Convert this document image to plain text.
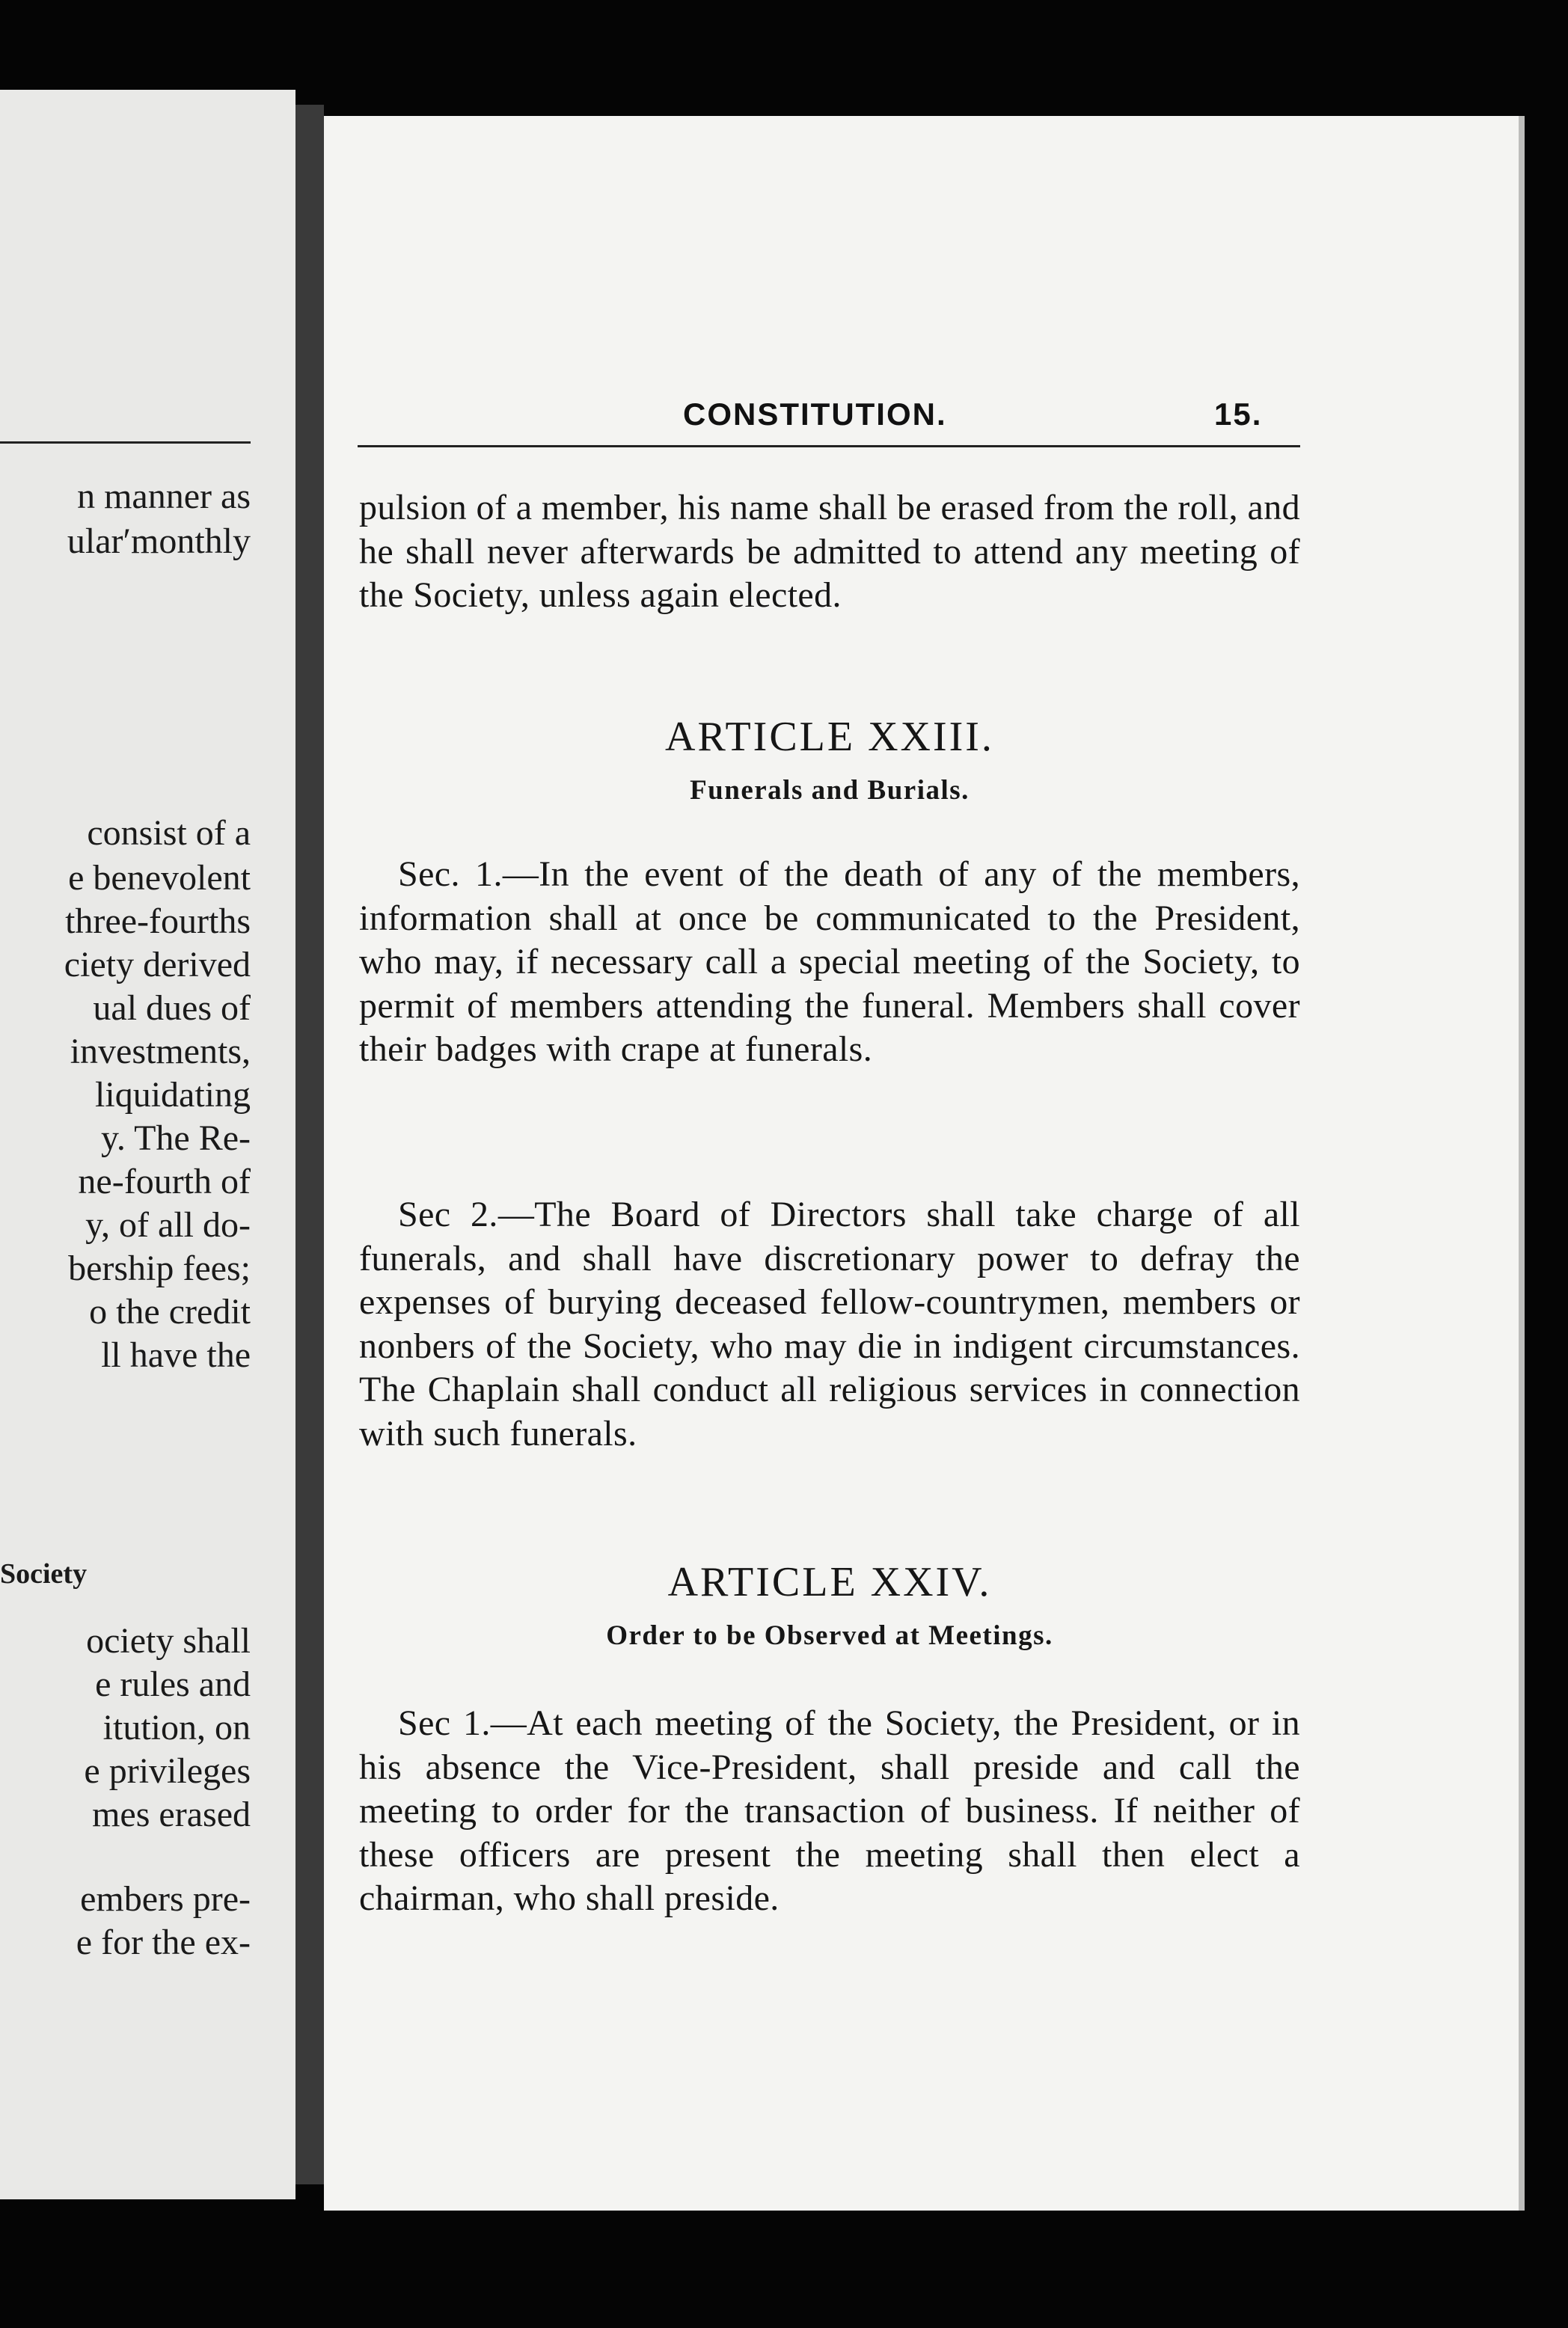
n manner as
ular′monthly
consist of a
e benevolent
three-fourths
ciety derived
ual dues of
investments,
liquidating
y. The Re-
ne-fourth of
y, of all do-
bership fees;
o the credit
ll have the
Society
ociety shall
e rules and
itution, on
e privileges
mes erased
embers pre-
e for the ex-
CONSTITUTION.	15.

pulsion of a member, his name shall be erased from the roll, and he shall never afterwards be admitted to attend any meeting of the Society, unless again elected.

ARTICLE XXIII.

Funerals and Burials.

Sec. 1.—In the event of the death of any of the members, information shall at once be communicated to the President, who may, if necessary call a special meeting of the Society, to permit of members attending the funeral. Members shall cover their badges with crape at funerals.

Sec 2.—The Board of Directors shall take charge of all funerals, and shall have discretionary power to defray the expenses of burying deceased fellow-countrymen, members or nonbers of the Society, who may die in indigent circumstances. The Chaplain shall conduct all religious services in connection with such funerals.

ARTICLE XXIV.

Order to be Observed at Meetings.

Sec 1.—At each meeting of the Society, the President, or in his absence the Vice-President, shall preside and call the meeting to order for the transaction of business. If neither of these officers are present the meeting shall then elect a chairman, who shall preside.
